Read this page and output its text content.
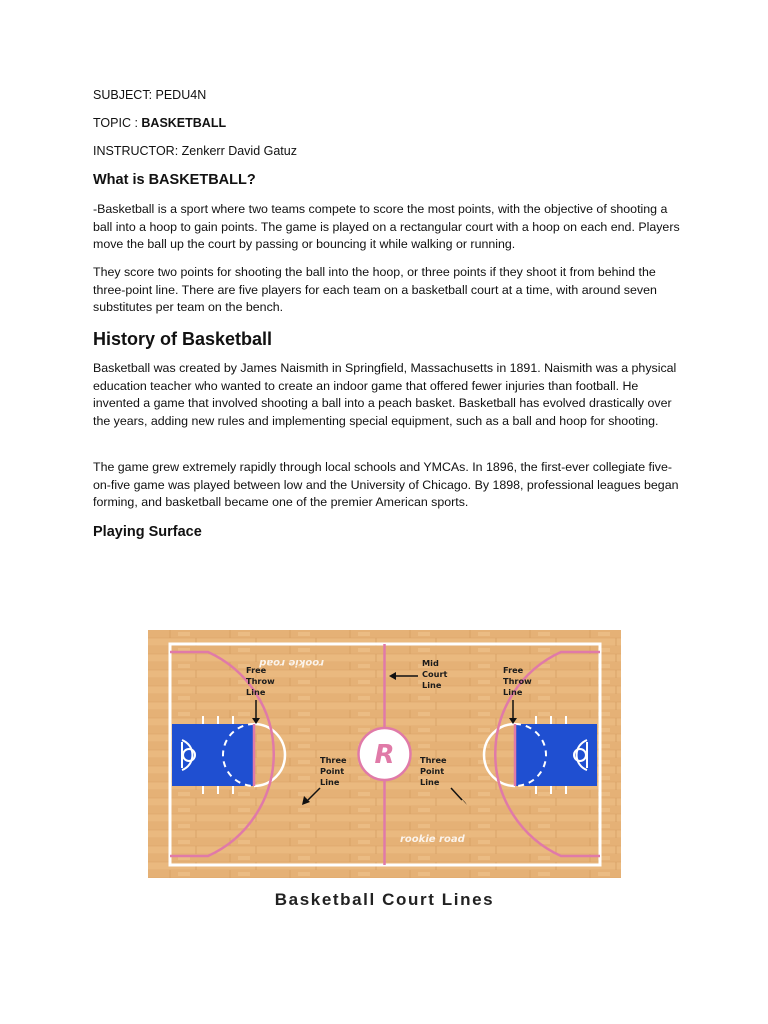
SUBJECT: PEDU4N
TOPIC : BASKETBALL
INSTRUCTOR: Zenkerr David Gatuz
What is BASKETBALL?

-Basketball is a sport where two teams compete to score the most points, with the objective of shooting a ball into a hoop to gain points. The game is played on a rectangular court with a hoop on each end. Players move the ball up the court by passing or bouncing it while walking or running.

They score two points for shooting the ball into the hoop, or three points if they shoot it from behind the three-point line. There are five players for each team on a basketball court at a time, with around seven substitutes per team on the bench.

History of Basketball

Basketball was created by James Naismith in Springfield, Massachusetts in 1891. Naismith was a physical education teacher who wanted to create an indoor game that offered fewer injuries than football. He invented a game that involved shooting a ball into a peach basket. Basketball has evolved drastically over the years, adding new rules and implementing special equipment, such as a ball and hoop for shooting.

The game grew extremely rapidly through local schools and YMCAs. In 1896, the first-ever collegiate five-on-five game was played between low and the University of Chicago. By 1898, professional leagues began forming, and basketball became one of the premier American sports.

Playing Surface
R
rookie road
rookie road
Free
Throw
Line
Free
Throw
Line
Mid
Court
Line
Three
Point
Line
Three
Point
Line
Basketball Court Lines
